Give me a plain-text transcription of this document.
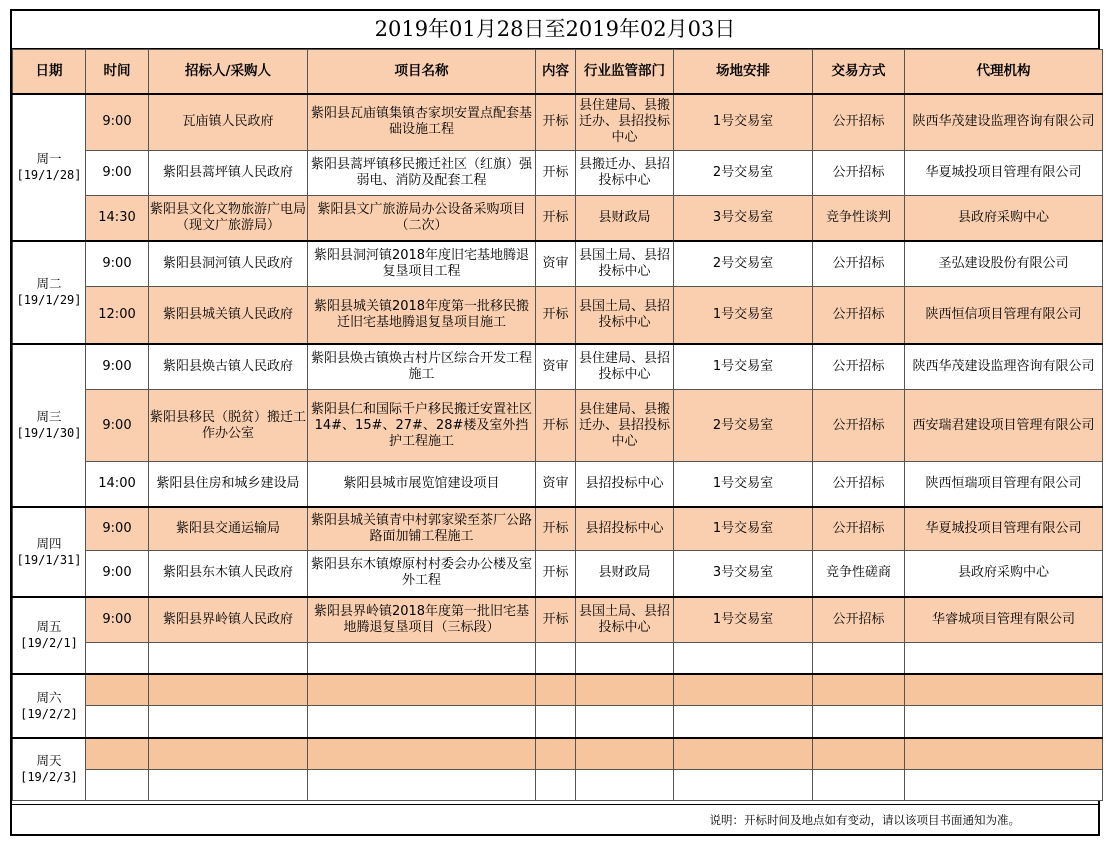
2019年01月28日至2019年02月03日
日期	时间	招标人/采购人	项目名称	内容	行业监管部门	场地安排	交易方式	代理机构

周一
[19/1/28]	9:00	瓦庙镇人民政府	紫阳县瓦庙镇集镇杏家坝安置点配套基础设施工程	开标	县住建局、县搬迁办、县招投标中心	1号交易室	公开招标	陕西华茂建设监理咨询有限公司
	9:00	紫阳县蒿坪镇人民政府	紫阳县蒿坪镇移民搬迁社区（红旗）强弱电、消防及配套工程	开标	县搬迁办、县招投标中心	2号交易室	公开招标	华夏城投项目管理有限公司
	14:30	紫阳县文化文物旅游广电局（现文广旅游局）	紫阳县文广旅游局办公设备采购项目（二次）	开标	县财政局	3号交易室	竞争性谈判	县政府采购中心

周二
[19/1/29]	9:00	紫阳县洞河镇人民政府	紫阳县洞河镇2018年度旧宅基地腾退复垦项目工程	资审	县国土局、县招投标中心	2号交易室	公开招标	圣弘建设股份有限公司
	12:00	紫阳县城关镇人民政府	紫阳县城关镇2018年度第一批移民搬迁旧宅基地腾退复垦项目施工	开标	县国土局、县招投标中心	1号交易室	公开招标	陕西恒信项目管理有限公司

周三
[19/1/30]	9:00	紫阳县焕古镇人民政府	紫阳县焕古镇焕古村片区综合开发工程施工	资审	县住建局、县招投标中心	1号交易室	公开招标	陕西华茂建设监理咨询有限公司
	9:00	紫阳县移民（脱贫）搬迁工作办公室	紫阳县仁和国际千户移民搬迁安置社区14#、15#、27#、28#楼及室外挡护工程施工	开标	县住建局、县搬迁办、县招投标中心	2号交易室	公开招标	西安瑞君建设项目管理有限公司
	14:00	紫阳县住房和城乡建设局	紫阳县城市展览馆建设项目	资审	县招投标中心	1号交易室	公开招标	陕西恒瑞项目管理有限公司

周四
[19/1/31]	9:00	紫阳县交通运输局	紫阳县城关镇青中村郭家梁至茶厂公路路面加铺工程施工	开标	县招投标中心	1号交易室	公开招标	华夏城投项目管理有限公司
	9:00	紫阳县东木镇人民政府	紫阳县东木镇燎原村村委会办公楼及室外工程	开标	县财政局	3号交易室	竞争性磋商	县政府采购中心

周五
[19/2/1]	9:00	紫阳县界岭镇人民政府	紫阳县界岭镇2018年度第一批旧宅基地腾退复垦项目（三标段）	开标	县国土局、县招投标中心	1号交易室	公开招标	华睿城项目管理有限公司

周六
[19/2/2]								

周天
[19/2/3]								

说明：开标时间及地点如有变动，请以该项目书面通知为准。
